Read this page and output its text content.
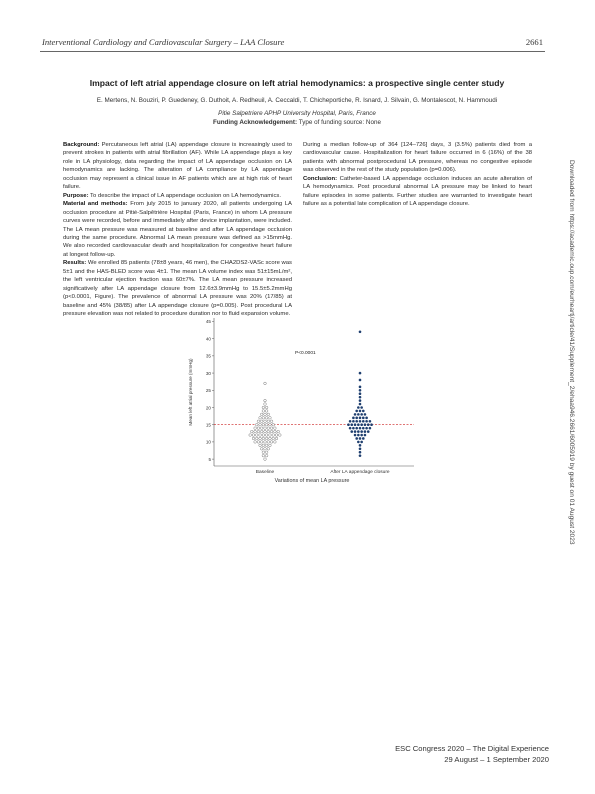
Interventional Cardiology and Cardiovascular Surgery – LAA Closure	2661
Impact of left atrial appendage closure on left atrial hemodynamics: a prospective single center study
E. Mertens, N. Bouziri, P. Guedeney, G. Duthoit, A. Redheuil, A. Ceccaldi, T. Chicheportiche, R. Isnard, J. Silvain, G. Montalescot, N. Hammoudi
Pitie Salpetriere APHP University Hospital, Paris, France
Funding Acknowledgement: Type of funding source: None

Background: Percutaneous left atrial (LA) appendage closure is increasingly used to prevent strokes in patients with atrial fibrillation (AF). While LA appendage plays a key role in LA physiology, data regarding the impact of LA appendage occlusion on LA hemodynamics are lacking. The alteration of LA compliance by LA appendage occlusion may represent a clinical issue in AF patients which are at high risk of heart failure.

Purpose: To describe the impact of LA appendage occlusion on LA hemodynamics.

Material and methods: From july 2015 to january 2020, all patients undergoing LA occlusion procedure at Pitié-Salpêtrière Hospital (Paris, France) in whom LA pressure curves were recorded, before and immediately after device implantation, were included. The LA mean pressure was measured at baseline and after LA appendage occlusion during the same procedure. Abnormal LA mean pressure was defined as >15mmHg. We also recorded cardiovascular death and hospitalization for congestive heart failure at longest follow-up.

Results: We enrolled 85 patients (78±8 years, 46 men), the CHA2DS2-VASc score was 5±1 and the HAS-BLED score was 4±1. The mean LA volume index was 51±15mL/m², the left ventricular ejection fraction was 60±7%. The LA mean pressure increased significatively after LA appendage closure from 12.6±3.9mmHg to 15.5±5.2mmHg (p<0.0001, Figure). The prevalence of abnormal LA pressure was 20% (17/85) at baseline and 45% (38/85) after LA appendage closure (p=0.005). Post procedural LA pressure elevation was not related to procedure duration nor to fluid expansion volume.

During a median follow-up of 364 [124–726] days, 3 (3.5%) patients died from a cardiovascular cause. Hospitalization for heart failure occurred in 6 (16%) of the 38 patients with abnormal postprocedural LA pressure, whereas no congestive episode was observed in the rest of the study population (p=0.006).

Conclusion: Catheter-based LA appendage occlusion induces an acute alteration of LA hemodynamics. Post procedural abnormal LA pressure may be linked to heart failure episodes in some patients. Further studies are warranted to investigate heart failure as a potential late complication of LA appendage closure.

5
10
15
20
25
30
35
40
45
Mean left atrial pressure (mmHg)
Baseline	After LA appendage closure
P<0.0001
Variations of mean LA pressure	Downloaded from https://academic.oup.com/eurheartj/article/41/Supplement_2/ehaa946.2661/6005919 by guest on 01 August 2023
ESC Congress 2020 – The Digital Experience
29 August – 1 September 2020
